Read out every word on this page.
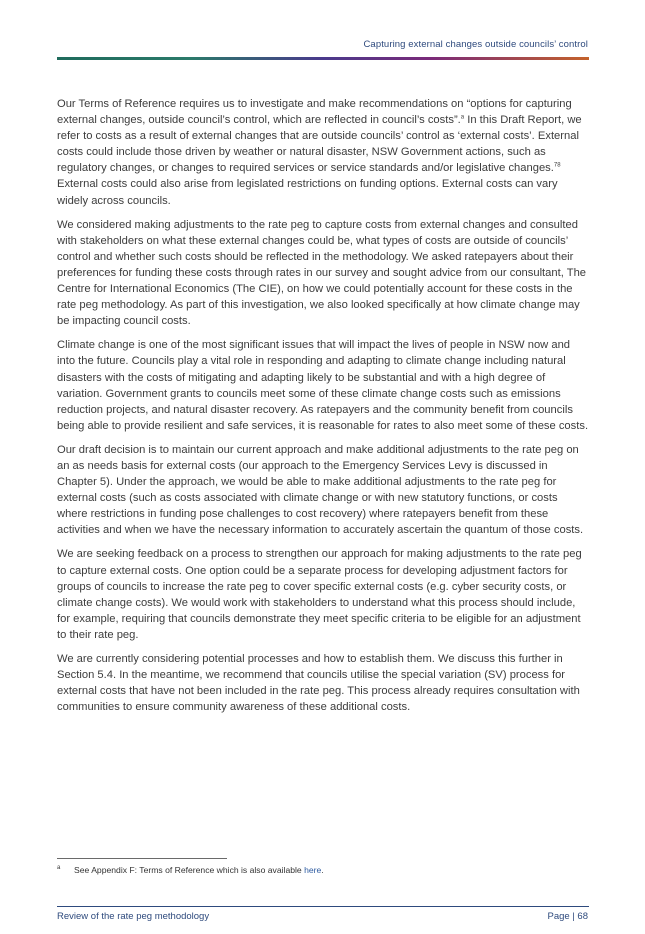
Capturing external changes outside councils’ control

Our Terms of Reference requires us to investigate and make recommendations on “options for capturing external changes, outside council’s control, which are reflected in council’s costs”.$^a$ In this Draft Report, we refer to costs as a result of external changes that are outside councils’ control as ‘external costs’. External costs could include those driven by weather or natural disaster, NSW Government actions, such as regulatory changes, or changes to required services or service standards and/or legislative changes.$^{78}$ External costs could also arise from legislated restrictions on funding options. External costs can vary widely across councils.

We considered making adjustments to the rate peg to capture costs from external changes and consulted with stakeholders on what these external changes could be, what types of costs are outside of councils’ control and whether such costs should be reflected in the methodology. We asked ratepayers about their preferences for funding these costs through rates in our survey and sought advice from our consultant, The Centre for International Economics (The CIE), on how we could potentially account for these costs in the rate peg methodology. As part of this investigation, we also looked specifically at how climate change may be impacting council costs.

Climate change is one of the most significant issues that will impact the lives of people in NSW now and into the future. Councils play a vital role in responding and adapting to climate change including natural disasters with the costs of mitigating and adapting likely to be substantial and with a high degree of variation. Government grants to councils meet some of these climate change costs such as emissions reduction projects, and natural disaster recovery. As ratepayers and the community benefit from councils being able to provide resilient and safe services, it is reasonable for rates to also meet some of these costs.

Our draft decision is to maintain our current approach and make additional adjustments to the rate peg on an as needs basis for external costs (our approach to the Emergency Services Levy is discussed in Chapter 5). Under the approach, we would be able to make additional adjustments to the rate peg for external costs (such as costs associated with climate change or with new statutory functions, or costs where restrictions in funding pose challenges to cost recovery) where ratepayers benefit from these activities and when we have the necessary information to accurately ascertain the quantum of those costs.

We are seeking feedback on a process to strengthen our approach for making adjustments to the rate peg to capture external costs. One option could be a separate process for developing adjustment factors for groups of councils to increase the rate peg to cover specific external costs (e.g. cyber security costs, or climate change costs). We would work with stakeholders to understand what this process should include, for example, requiring that councils demonstrate they meet specific criteria to be eligible for an adjustment to their rate peg.

We are currently considering potential processes and how to establish them. We discuss this further in Section 5.4. In the meantime, we recommend that councils utilise the special variation (SV) process for external costs that have not been included in the rate peg. This process already requires consultation with communities to ensure community awareness of these additional costs.

a See Appendix F: Terms of Reference which is also available here.
Review of the rate peg methodology	Page | 68
